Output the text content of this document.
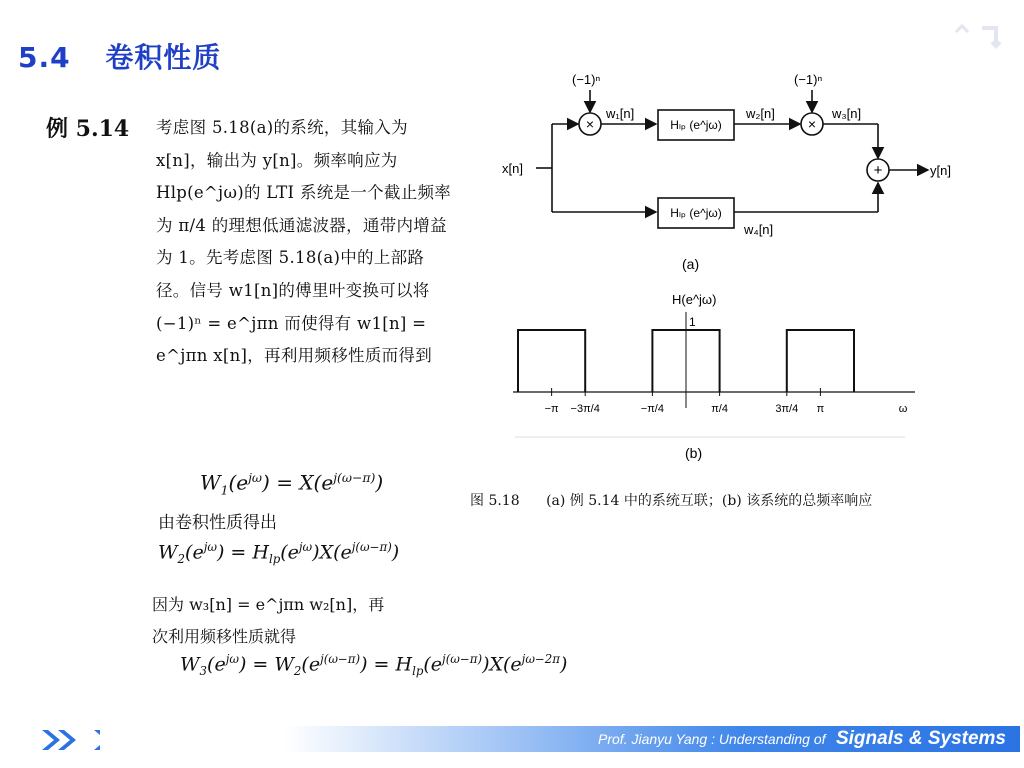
5.4 卷积性质
例 5.14 考虑图 5.18(a)的系统，其输入为 x[n]，输出为 y[n]。频率响应为 Hlp(e^jω)的 LTI 系统是一个截止频率为 π/4 的理想低通滤波器，通带内增益为 1。先考虑图 5.18(a)中的上部路径。信号 w1[n]的傅里叶变换可以将(−1)ⁿ = e^jπn 而使得有 w1[n] = e^jπn x[n]，再利用频移性质而得到

$W_1(e^{j\omega}) = X(e^{j(\omega-\pi)})$
由卷积性质得出
$W_2(e^{j\omega}) = H_{lp}(e^{j\omega})X(e^{j(\omega-\pi)})$
因为 w₃[n] = e^jπn w₂[n]，再
次利用频移性质就得
$W_3(e^{j\omega}) = W_2(e^{j(\omega-\pi)}) = H_{lp}(e^{j(\omega-\pi)})X(e^{j\omega-2\pi})$
×	×
+
(−1)ⁿ	(−1)ⁿ
w₁[n]	w₂[n]	w₃[n]
w₄[n]
x[n]	y[n]
Hₗₚ (e^jω)
Hₗₚ (e^jω)
(a)
H(e^jω)
−π −3π/4	−π/4	π/4	3π/4 π	ω
1
(b)
图 5.18 (a) 例 5.14 中的系统互联；(b) 该系统的总频率响应
Prof. Jianyu Yang : Understanding of Signals & Systems
